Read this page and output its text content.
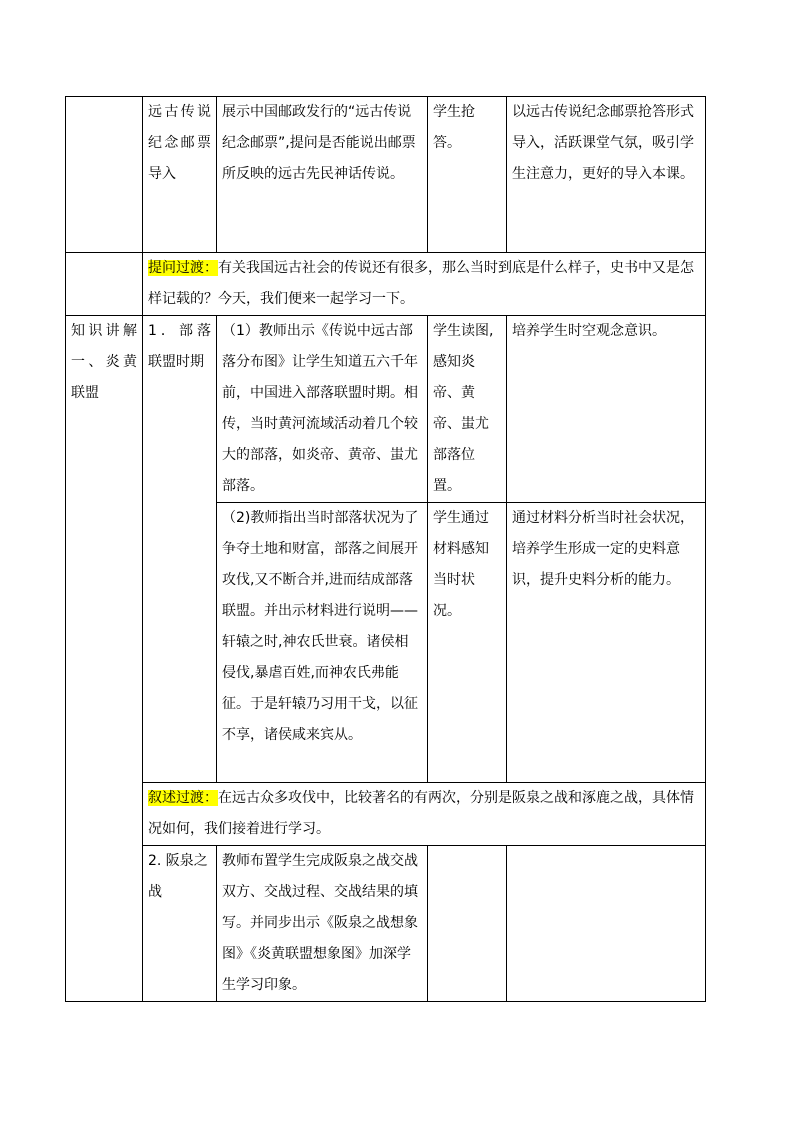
	远古传说纪念邮票导入	展示中国邮政发行的“远古传说纪念邮票”,提问是否能说出邮票所反映的远古先民神话传说。	学生抢答。	以远古传说纪念邮票抢答形式导入，活跃课堂气氛，吸引学生注意力，更好的导入本课。
	提问过渡：有关我国远古社会的传说还有很多，那么当时到底是什么样子，史书中又是怎样记载的？今天，我们便来一起学习一下。			
知识讲解一、炎黄联盟	1．部落联盟时期	（1）教师出示《传说中远古部落分布图》让学生知道五六千年前，中国进入部落联盟时期。相传，当时黄河流域活动着几个较大的部落，如炎帝、黄帝、蚩尤部落。	学生读图,感知炎帝、黄帝、蚩尤部落位置。	培养学生时空观念意识。
		（2)教师指出当时部落状况为了争夺土地和财富，部落之间展开攻伐,又不断合并,进而结成部落联盟。并出示材料进行说明——轩辕之时,神农氏世衰。诸侯相侵伐,暴虐百姓,而神农氏弗能征。于是轩辕乃习用干戈，以征不享，诸侯咸来宾从。	学生通过材料感知当时状况。	通过材料分析当时社会状况，培养学生形成一定的史料意识，提升史料分析的能力。
	叙述过渡：在远古众多攻伐中，比较著名的有两次，分别是阪泉之战和涿鹿之战，具体情况如何，我们接着进行学习。			
	2. 阪泉之战	教师布置学生完成阪泉之战交战双方、交战过程、交战结果的填写。并同步出示《阪泉之战想象图》《炎黄联盟想象图》加深学生学习印象。		
